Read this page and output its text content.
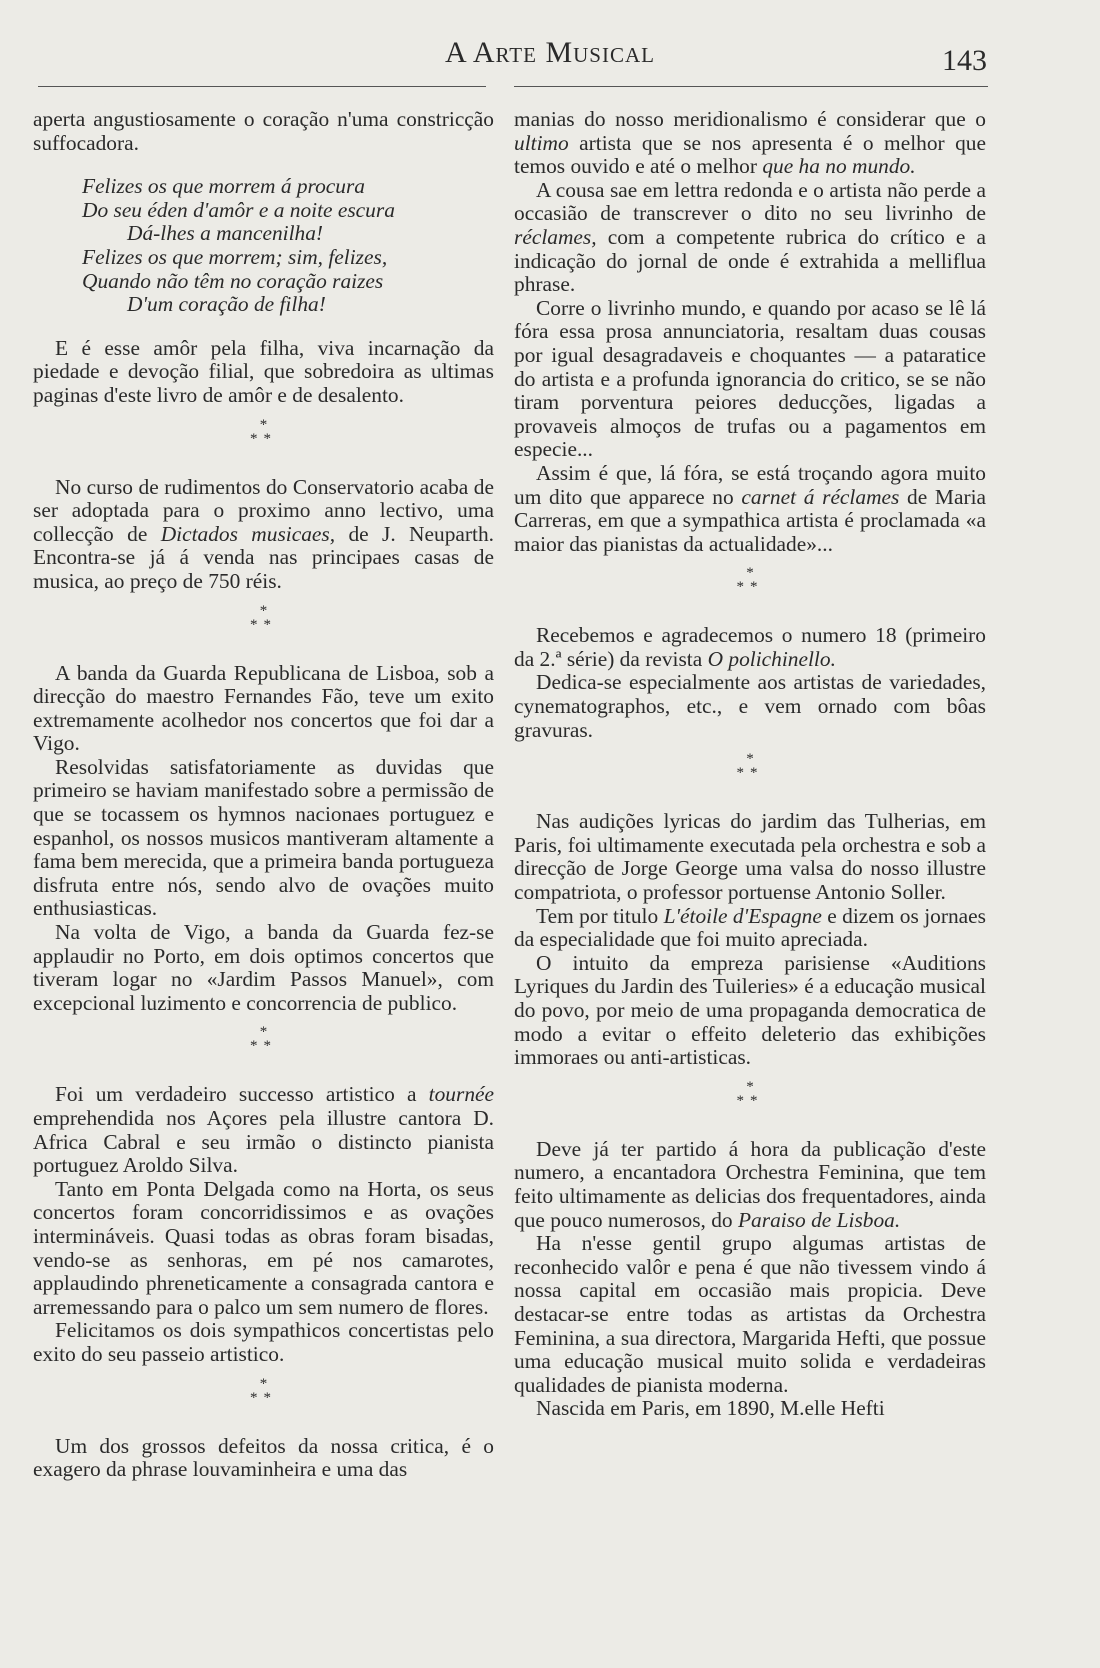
A Arte Musical	143

aperta angustiosamente o coração n'uma constricção suffocadora.

Felizes os que morrem á procura
Do seu éden d'amôr e a noite escura
Dá-lhes a mancenilha!
Felizes os que morrem; sim, felizes,
Quando não têm no coração raizes
D'um coração de filha!

E é esse amôr pela filha, viva incarnação da piedade e devoção filial, que sobredoira as ultimas paginas d'este livro de amôr e de desalento.

*
**

No curso de rudimentos do Conservatorio acaba de ser adoptada para o proximo anno lectivo, uma collecção de Dictados musicaes, de J. Neuparth. Encontra-se já á venda nas principaes casas de musica, ao preço de 750 réis.

*
**

A banda da Guarda Republicana de Lisboa, sob a direcção do maestro Fernandes Fão, teve um exito extremamente acolhedor nos concertos que foi dar a Vigo.

Resolvidas satisfatoriamente as duvidas que primeiro se haviam manifestado sobre a permissão de que se tocassem os hymnos nacionaes portuguez e espanhol, os nossos musicos mantiveram altamente a fama bem merecida, que a primeira banda portugueza disfruta entre nós, sendo alvo de ovações muito enthusiasticas.

Na volta de Vigo, a banda da Guarda fez-se applaudir no Porto, em dois optimos concertos que tiveram logar no «Jardim Passos Manuel», com excepcional luzimento e concorrencia de publico.

*
**

Foi um verdadeiro successo artistico a tournée emprehendida nos Açores pela illustre cantora D. Africa Cabral e seu irmão o distincto pianista portuguez Aroldo Silva.

Tanto em Ponta Delgada como na Horta, os seus concertos foram concorridissimos e as ovações intermináveis. Quasi todas as obras foram bisadas, vendo-se as senhoras, em pé nos camarotes, applaudindo phreneticamente a consagrada cantora e arremessando para o palco um sem numero de flores.

Felicitamos os dois sympathicos concertistas pelo exito do seu passeio artistico.

*
**

Um dos grossos defeitos da nossa critica, é o exagero da phrase louvaminheira e uma das

manias do nosso meridionalismo é considerar que o ultimo artista que se nos apresenta é o melhor que temos ouvido e até o melhor que ha no mundo.

A cousa sae em lettra redonda e o artista não perde a occasião de transcrever o dito no seu livrinho de réclames, com a competente rubrica do crítico e a indicação do jornal de onde é extrahida a melliflua phrase.

Corre o livrinho mundo, e quando por acaso se lê lá fóra essa prosa annunciatoria, resaltam duas cousas por igual desagradaveis e choquantes — a pataratice do artista e a profunda ignorancia do critico, se se não tiram porventura peiores deducções, ligadas a provaveis almoços de trufas ou a pagamentos em especie...

Assim é que, lá fóra, se está troçando agora muito um dito que apparece no carnet á réclames de Maria Carreras, em que a sympathica artista é proclamada «a maior das pianistas da actualidade»...

*
**

Recebemos e agradecemos o numero 18 (primeiro da 2.ª série) da revista O polichinello.

Dedica-se especialmente aos artistas de variedades, cynematographos, etc., e vem ornado com bôas gravuras.

*
**

Nas audições lyricas do jardim das Tulherias, em Paris, foi ultimamente executada pela orchestra e sob a direcção de Jorge George uma valsa do nosso illustre compatriota, o professor portuense Antonio Soller.

Tem por titulo L'étoile d'Espagne e dizem os jornaes da especialidade que foi muito apreciada.

O intuito da empreza parisiense «Auditions Lyriques du Jardin des Tuileries» é a educação musical do povo, por meio de uma propaganda democratica de modo a evitar o effeito deleterio das exhibições immoraes ou anti-artisticas.

*
**

Deve já ter partido á hora da publicação d'este numero, a encantadora Orchestra Feminina, que tem feito ultimamente as delicias dos frequentadores, ainda que pouco numerosos, do Paraiso de Lisboa.

Ha n'esse gentil grupo algumas artistas de reconhecido valôr e pena é que não tivessem vindo á nossa capital em occasião mais propicia. Deve destacar-se entre todas as artistas da Orchestra Feminina, a sua directora, Margarida Hefti, que possue uma educação musical muito solida e verdadeiras qualidades de pianista moderna.

Nascida em Paris, em 1890, M.elle Hefti
